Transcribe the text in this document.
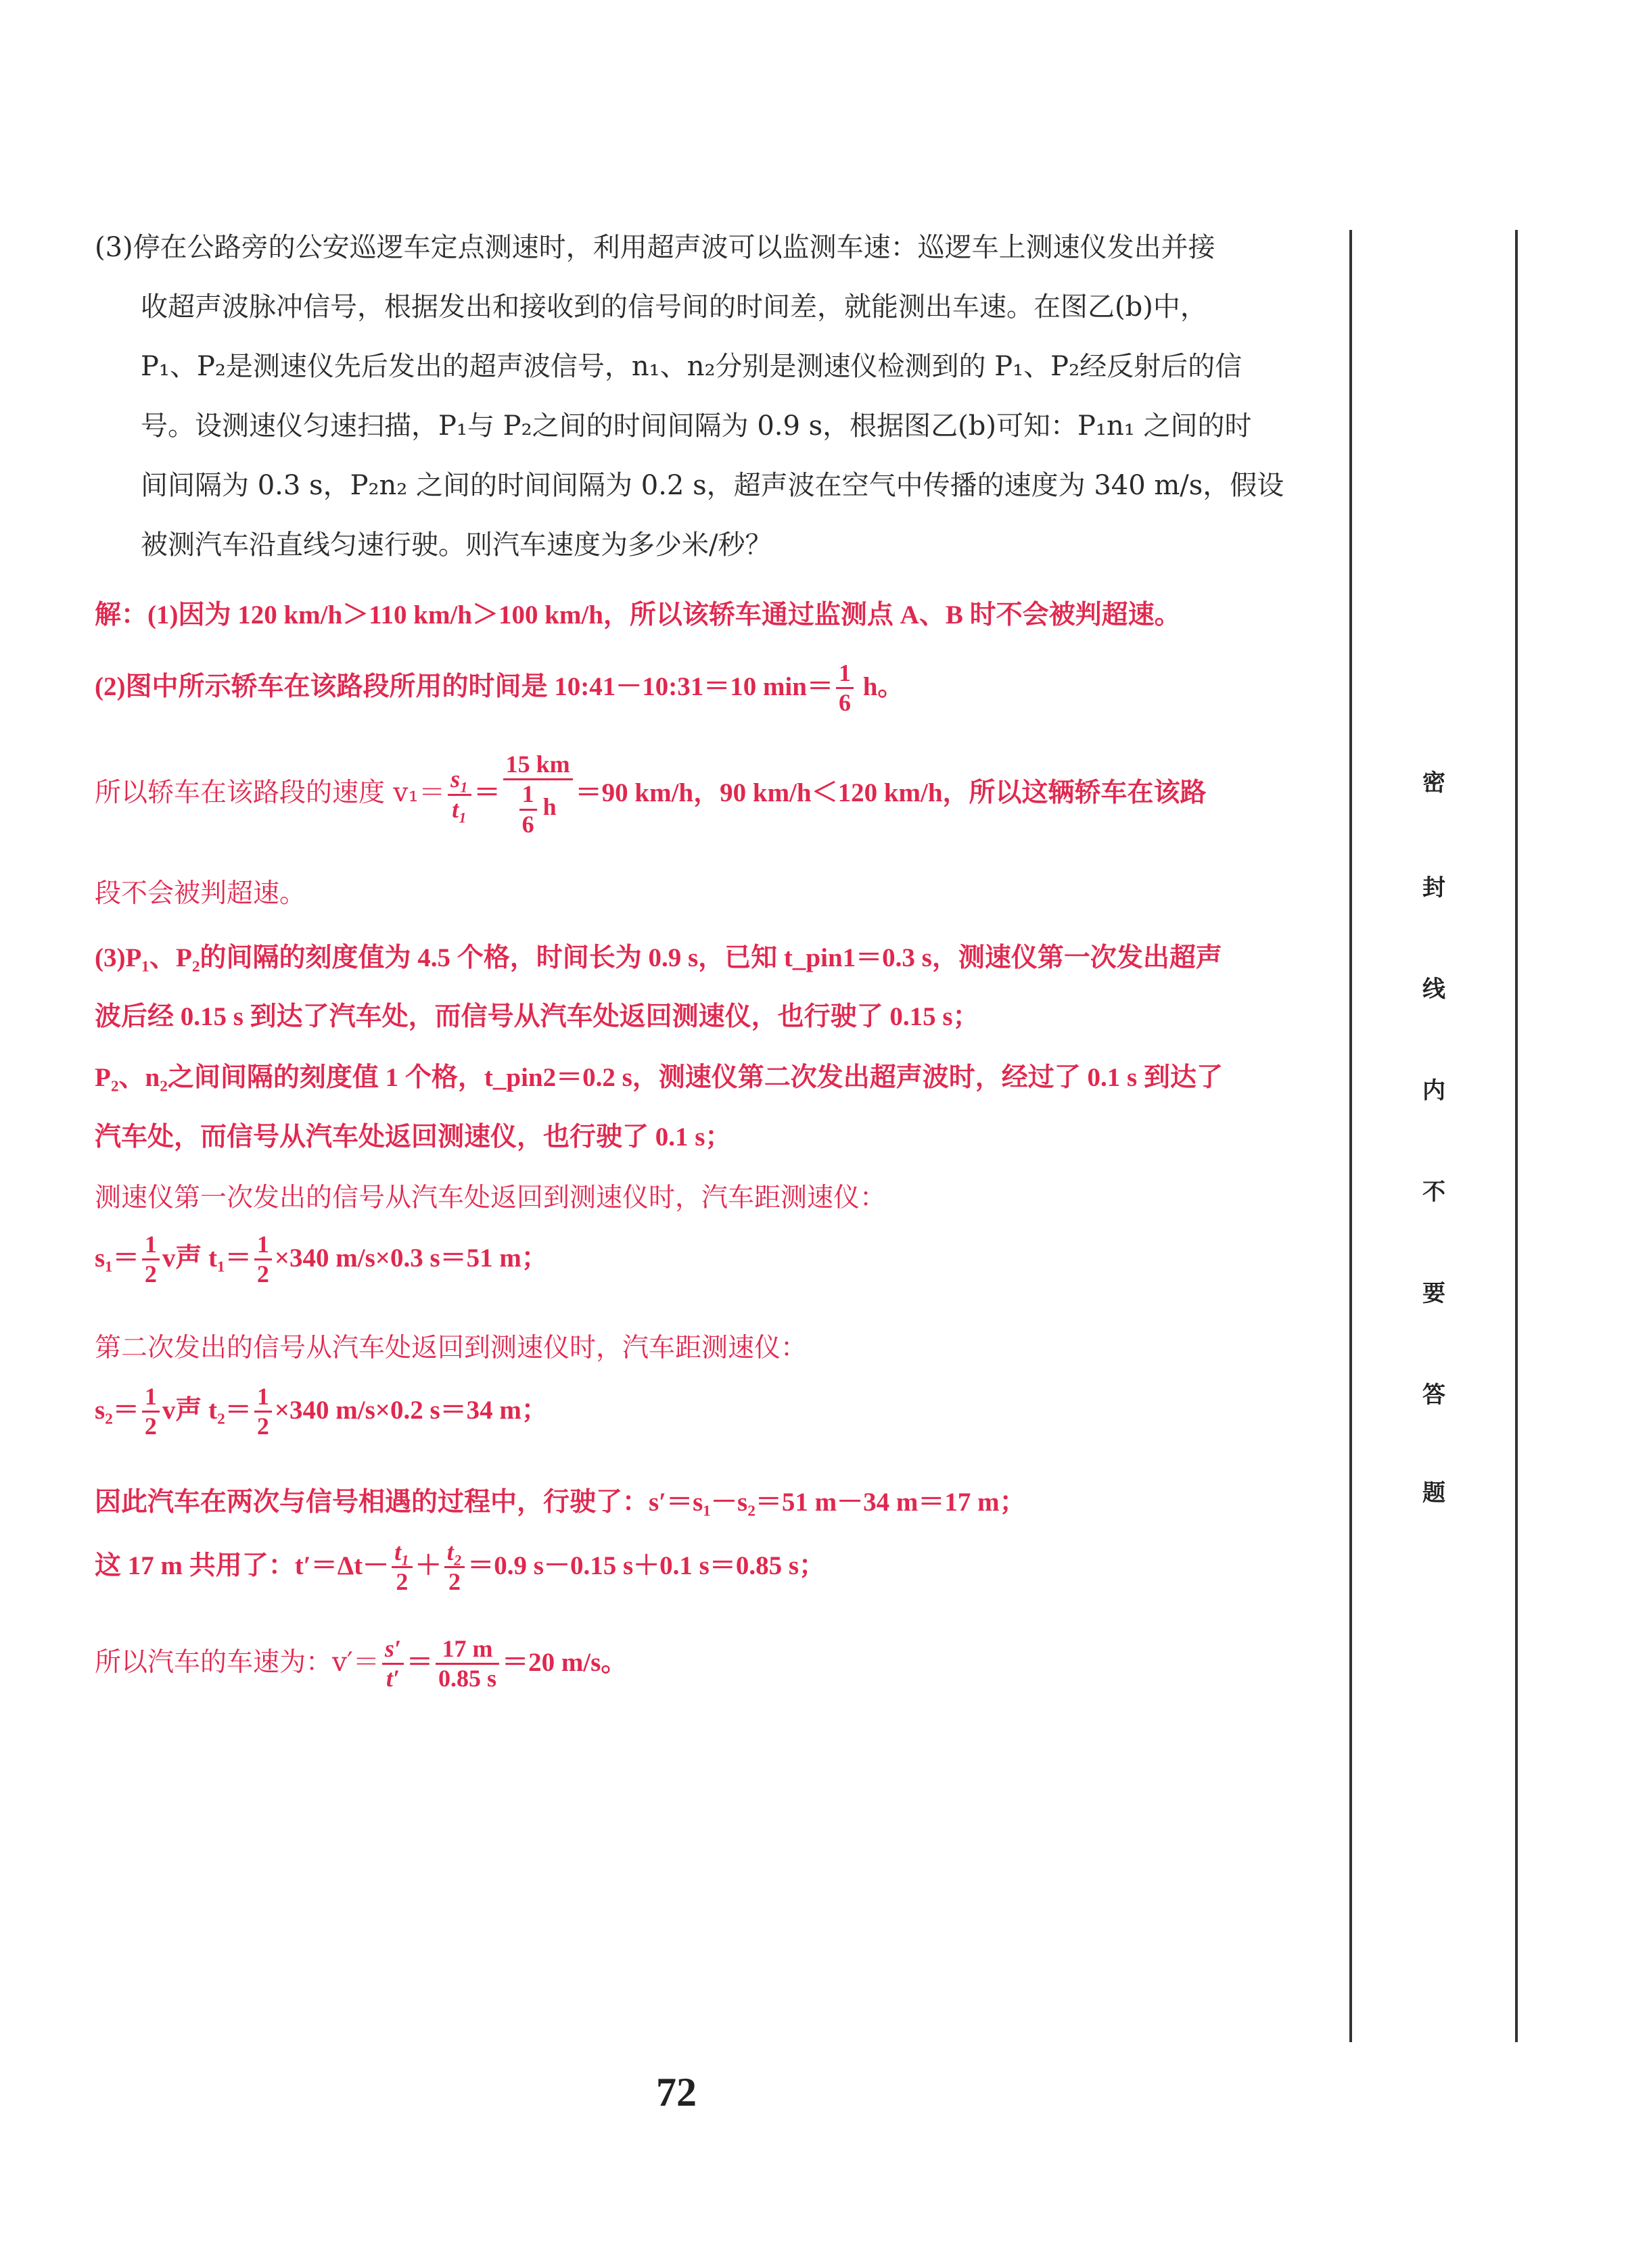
(3)停在公路旁的公安巡逻车定点测速时，利用超声波可以监测车速：巡逻车上测速仪发出并接

收超声波脉冲信号，根据发出和接收到的信号间的时间差，就能测出车速。在图乙(b)中，

P₁、P₂是测速仪先后发出的超声波信号，n₁、n₂分别是测速仪检测到的 P₁、P₂经反射后的信

号。设测速仪匀速扫描，P₁与 P₂之间的时间间隔为 0.9 s，根据图乙(b)可知：P₁n₁ 之间的时

间间隔为 0.3 s，P₂n₂ 之间的时间间隔为 0.2 s，超声波在空气中传播的速度为 340 m/s，假设

被测汽车沿直线匀速行驶。则汽车速度为多少米/秒？

解：(1)因为 120 km/h＞110 km/h＞100 km/h，所以该轿车通过监测点 A、B 时不会被判超速。
(2)图中所示轿车在该路段所用的时间是 10:41－10:31＝10 $\min= \frac{1}{6}$ h。
所以轿车在该路段的速度 $v_1= \frac{\text{s₁}}{\text{t₁}} = \frac{15 km}{\frac{1}{6} h} =90$ km/h，90 km/h＜120 km/h，所以这辆轿车在该路
段不会被判超速。
(3)P₁、P₂的间隔的刻度值为 4.5 个格，时间长为 0.9 s，已知 t_pin1＝0.3 s，测速仪第一次发出超声
波后经 0.15 s 到达了汽车处，而信号从汽车处返回测速仪，也行驶了 0.15 s；
P₂、n₂之间间隔的刻度值 1 个格，t_pin2＝0.2 s，测速仪第二次发出超声波时，经过了 0.1 s 到达了
汽车处，而信号从汽车处返回测速仪，也行驶了 0.1 s；
测速仪第一次发出的信号从汽车处返回到测速仪时，汽车距测速仪：
$s_1= \frac{1}{2}$ v声 $t_1= \frac{1}{2} \times 340$ m/s×0.3 s＝51 m；
第二次发出的信号从汽车处返回到测速仪时，汽车距测速仪：
$s_2= \frac{1}{2}$ v声 $t_2= \frac{1}{2} \times 340$ m/s×0.2 s＝34 m；
因此汽车在两次与信号相遇的过程中，行驶了：s′＝s₁－s₂＝51 m－34 m＝17 m；
这 17 m 共用了：$t'=\Delta t- \frac{\text{t₁}}{2} + \frac{\text{t₂}}{2} =0.9$ s－0.15 s＋0.1 s＝0.85 s；
所以汽车的车速为：$v'= \frac{s'}{t'} = \frac{17 m}{0.85 s} =20$ m/s。
密
封
线
内
不
要
答
题
72
